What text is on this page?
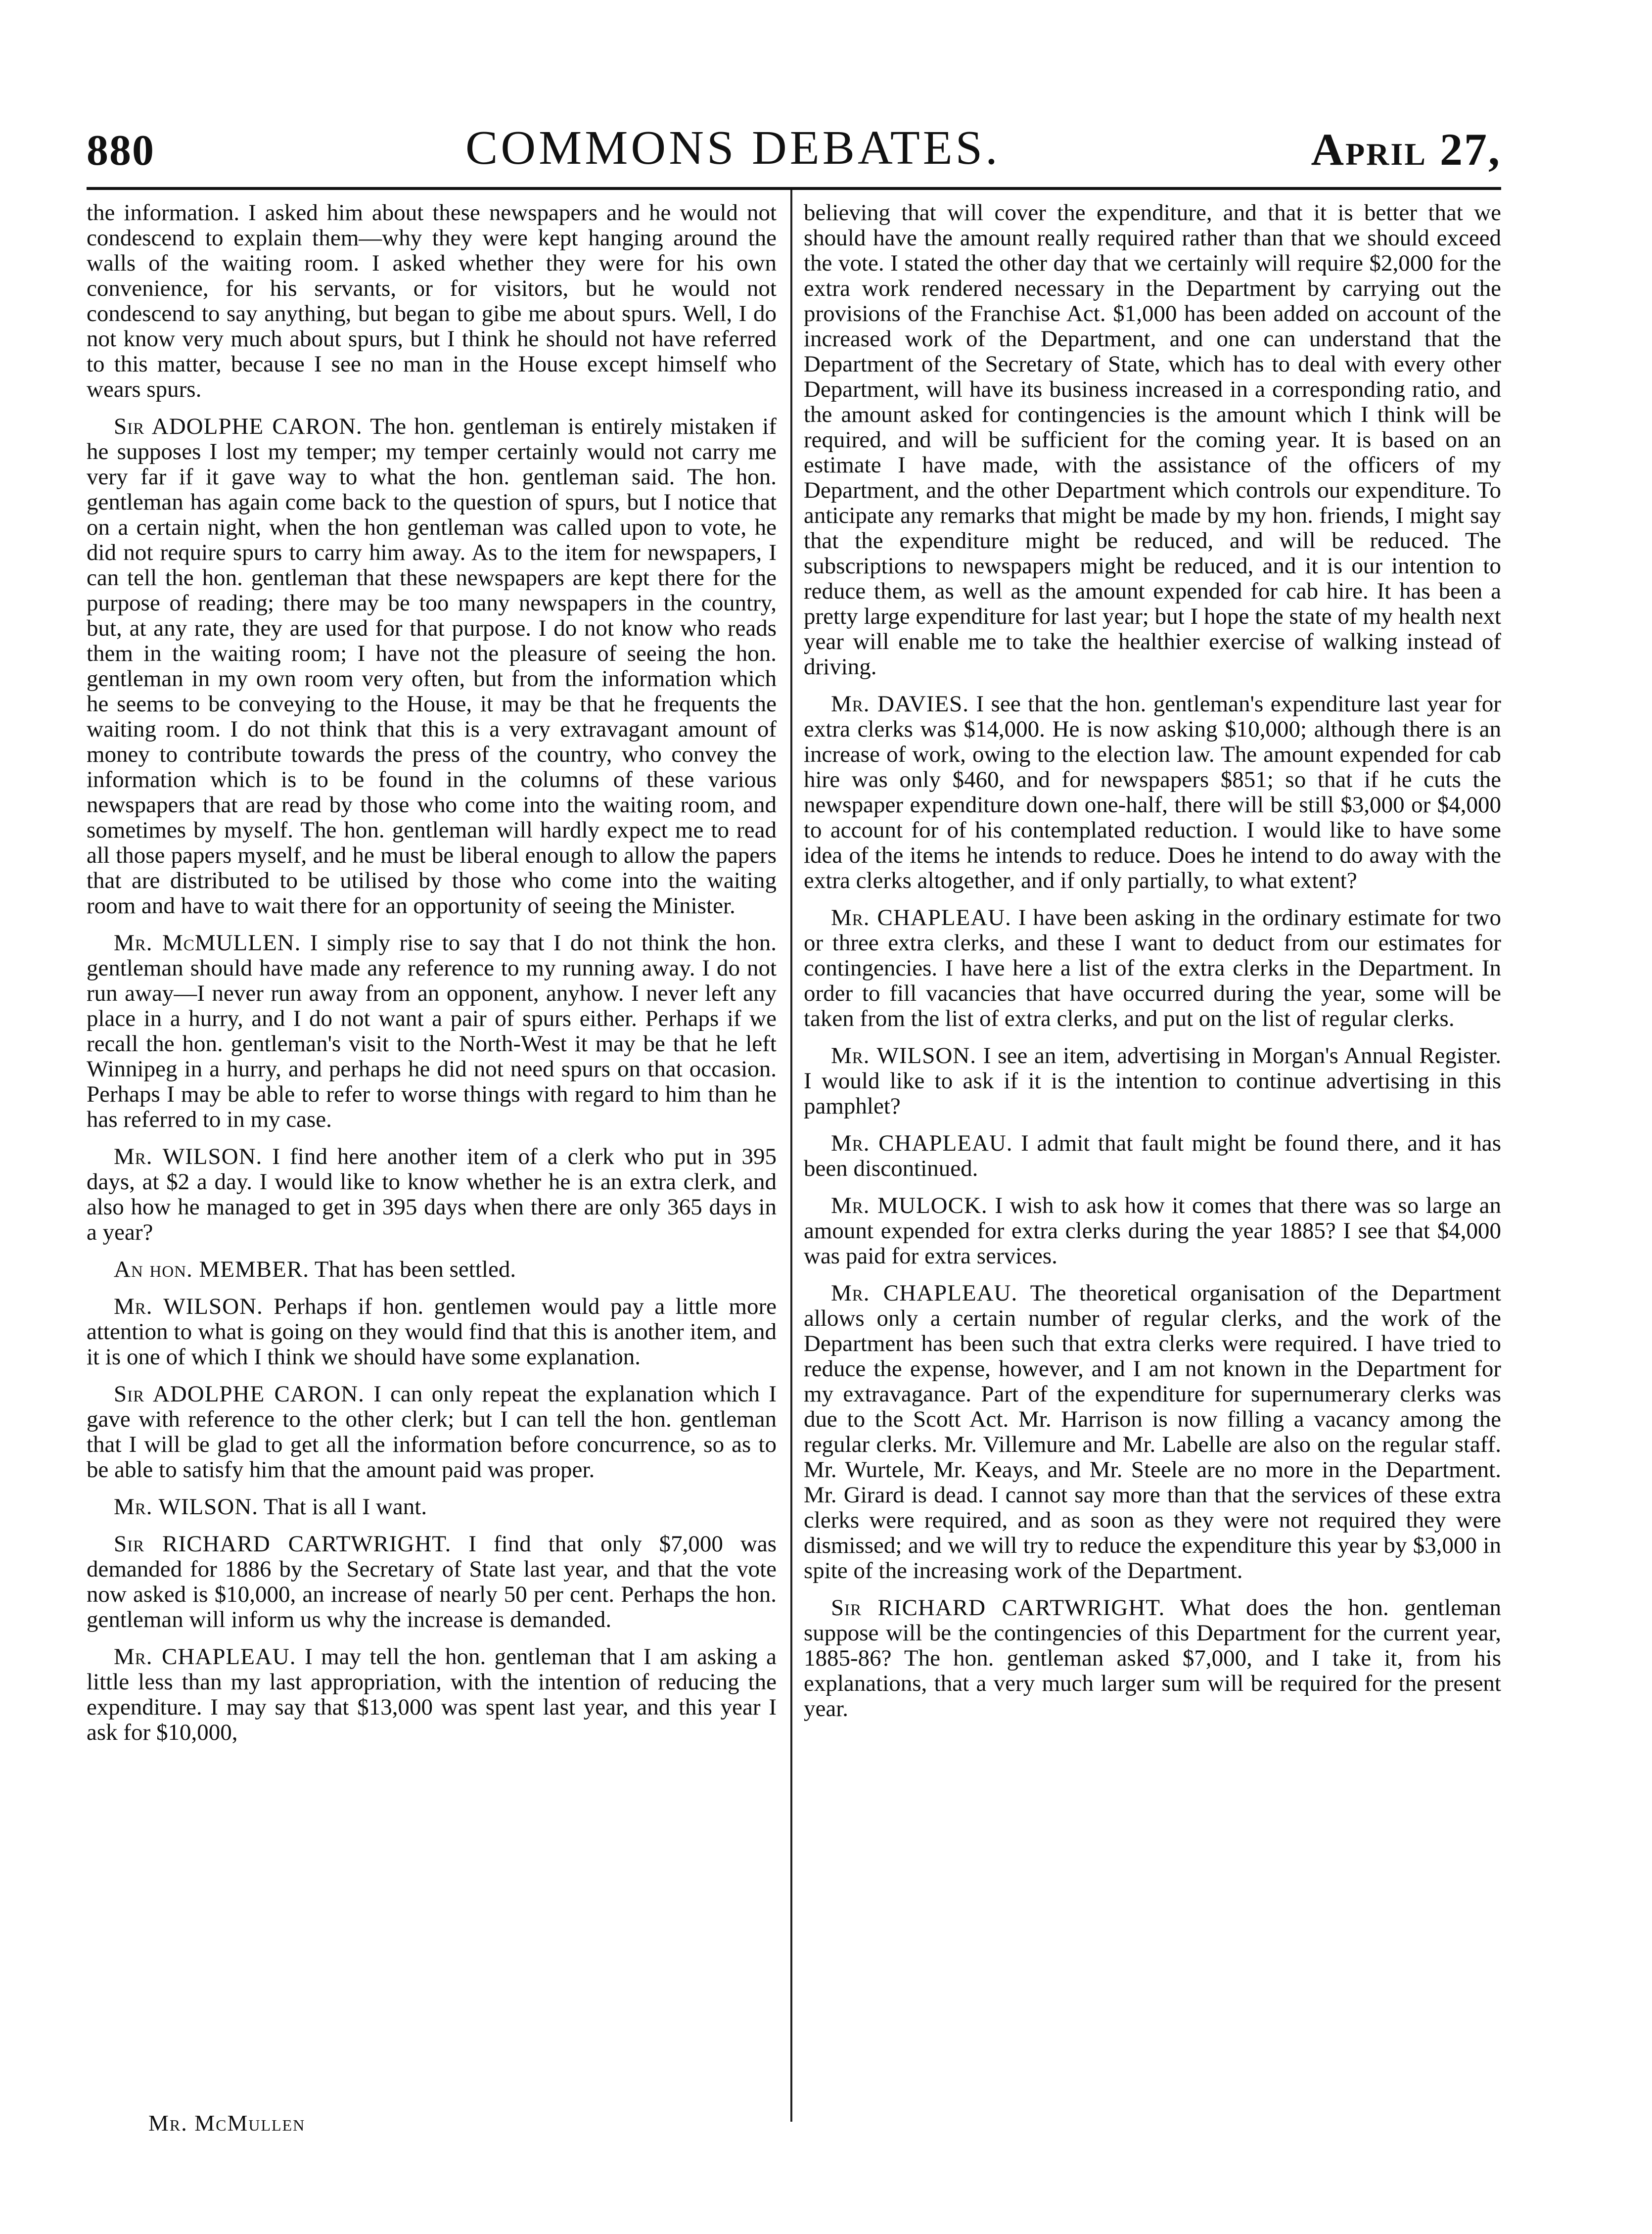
880	COMMONS DEBATES.	April 27,

the information. I asked him about these newspapers and he would not condescend to explain them—why they were kept hanging around the walls of the waiting room. I asked whether they were for his own convenience, for his servants, or for visitors, but he would not condescend to say anything, but began to gibe me about spurs. Well, I do not know very much about spurs, but I think he should not have referred to this matter, because I see no man in the House except himself who wears spurs.

Sir ADOLPHE CARON. The hon. gentleman is entirely mistaken if he supposes I lost my temper; my temper certainly would not carry me very far if it gave way to what the hon. gentleman said. The hon. gentleman has again come back to the question of spurs, but I notice that on a certain night, when the hon gentleman was called upon to vote, he did not require spurs to carry him away. As to the item for newspapers, I can tell the hon. gentleman that these newspapers are kept there for the purpose of reading; there may be too many newspapers in the country, but, at any rate, they are used for that purpose. I do not know who reads them in the waiting room; I have not the pleasure of seeing the hon. gentleman in my own room very often, but from the information which he seems to be conveying to the House, it may be that he frequents the waiting room. I do not think that this is a very extravagant amount of money to contribute towards the press of the country, who convey the information which is to be found in the columns of these various newspapers that are read by those who come into the waiting room, and sometimes by myself. The hon. gentleman will hardly expect me to read all those papers myself, and he must be liberal enough to allow the papers that are distributed to be utilised by those who come into the waiting room and have to wait there for an opportunity of seeing the Minister.

Mr. McMULLEN. I simply rise to say that I do not think the hon. gentleman should have made any reference to my running away. I do not run away—I never run away from an opponent, anyhow. I never left any place in a hurry, and I do not want a pair of spurs either. Perhaps if we recall the hon. gentleman's visit to the North-West it may be that he left Winnipeg in a hurry, and perhaps he did not need spurs on that occasion. Perhaps I may be able to refer to worse things with regard to him than he has referred to in my case.

Mr. WILSON. I find here another item of a clerk who put in 395 days, at $2 a day. I would like to know whether he is an extra clerk, and also how he managed to get in 395 days when there are only 365 days in a year?

An hon. MEMBER. That has been settled.

Mr. WILSON. Perhaps if hon. gentlemen would pay a little more attention to what is going on they would find that this is another item, and it is one of which I think we should have some explanation.

Sir ADOLPHE CARON. I can only repeat the explanation which I gave with reference to the other clerk; but I can tell the hon. gentleman that I will be glad to get all the information before concurrence, so as to be able to satisfy him that the amount paid was proper.

Mr. WILSON. That is all I want.

Sir RICHARD CARTWRIGHT. I find that only $7,000 was demanded for 1886 by the Secretary of State last year, and that the vote now asked is $10,000, an increase of nearly 50 per cent. Perhaps the hon. gentleman will inform us why the increase is demanded.

Mr. CHAPLEAU. I may tell the hon. gentleman that I am asking a little less than my last appropriation, with the intention of reducing the expenditure. I may say that $13,000 was spent last year, and this year I ask for $10,000,

believing that will cover the expenditure, and that it is better that we should have the amount really required rather than that we should exceed the vote. I stated the other day that we certainly will require $2,000 for the extra work rendered necessary in the Department by carrying out the provisions of the Franchise Act. $1,000 has been added on account of the increased work of the Department, and one can understand that the Department of the Secretary of State, which has to deal with every other Department, will have its business increased in a corresponding ratio, and the amount asked for contingencies is the amount which I think will be required, and will be sufficient for the coming year. It is based on an estimate I have made, with the assistance of the officers of my Department, and the other Department which controls our expenditure. To anticipate any remarks that might be made by my hon. friends, I might say that the expenditure might be reduced, and will be reduced. The subscriptions to newspapers might be reduced, and it is our intention to reduce them, as well as the amount expended for cab hire. It has been a pretty large expenditure for last year; but I hope the state of my health next year will enable me to take the healthier exercise of walking instead of driving.

Mr. DAVIES. I see that the hon. gentleman's expenditure last year for extra clerks was $14,000. He is now asking $10,000; although there is an increase of work, owing to the election law. The amount expended for cab hire was only $460, and for newspapers $851; so that if he cuts the newspaper expenditure down one-half, there will be still $3,000 or $4,000 to account for of his contemplated reduction. I would like to have some idea of the items he intends to reduce. Does he intend to do away with the extra clerks altogether, and if only partially, to what extent?

Mr. CHAPLEAU. I have been asking in the ordinary estimate for two or three extra clerks, and these I want to deduct from our estimates for contingencies. I have here a list of the extra clerks in the Department. In order to fill vacancies that have occurred during the year, some will be taken from the list of extra clerks, and put on the list of regular clerks.

Mr. WILSON. I see an item, advertising in Morgan's Annual Register. I would like to ask if it is the intention to continue advertising in this pamphlet?

Mr. CHAPLEAU. I admit that fault might be found there, and it has been discontinued.

Mr. MULOCK. I wish to ask how it comes that there was so large an amount expended for extra clerks during the year 1885? I see that $4,000 was paid for extra services.

Mr. CHAPLEAU. The theoretical organisation of the Department allows only a certain number of regular clerks, and the work of the Department has been such that extra clerks were required. I have tried to reduce the expense, however, and I am not known in the Department for my extravagance. Part of the expenditure for supernumerary clerks was due to the Scott Act. Mr. Harrison is now filling a vacancy among the regular clerks. Mr. Villemure and Mr. Labelle are also on the regular staff. Mr. Wurtele, Mr. Keays, and Mr. Steele are no more in the Department. Mr. Girard is dead. I cannot say more than that the services of these extra clerks were required, and as soon as they were not required they were dismissed; and we will try to reduce the expenditure this year by $3,000 in spite of the increasing work of the Department.

Sir RICHARD CARTWRIGHT. What does the hon. gentleman suppose will be the contingencies of this Department for the current year, 1885-86? The hon. gentleman asked $7,000, and I take it, from his explanations, that a very much larger sum will be required for the present year.

Mr. McMullen
